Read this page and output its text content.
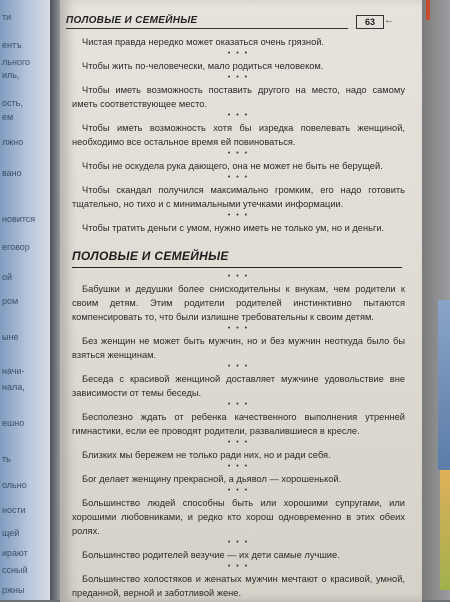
ти
ентъ
льного
иль,
ость,
ем
лжно
вано
новится
еговор
ой
ром
ыне
начи-
нала,
ешно
ть
ольно
ности
щей
ирают
ссный
ржны
ПОЛОВЫЕ И СЕМЕЙНЫЕ	63 ←

Чистая правда нередко может оказаться очень грязной.

• • •

Чтобы жить по-человечески, мало родиться человеком.

• • •

Чтобы иметь возможность поставить другого на место, надо самому иметь соответствующее место.

• • •

Чтобы иметь возможность хотя бы изредка повелевать женщиной, необходимо все остальное время ей повиноваться.

• • •

Чтобы не оскудела рука дающего, она не может не быть не берущей.

• • •

Чтобы скандал получился максимально громким, его надо готовить тщательно, но тихо и с минимальными утечками информации.

• • •

Чтобы тратить деньги с умом, нужно иметь не только ум, но и деньги.

ПОЛОВЫЕ И СЕМЕЙНЫЕ
• • •

Бабушки и дедушки более снисходительны к внукам, чем родители к своим детям. Этим родители родителей инстинктивно пытаются компенсировать то, что были излишне требовательны к своим детям.

• • •

Без женщин не может быть мужчин, но и без мужчин неоткуда было бы взяться женщинам.

• • •

Беседа с красивой женщиной доставляет мужчине удовольствие вне зависимости от темы беседы.

• • •

Бесполезно ждать от ребенка качественного выполнения утренней гимнастики, если ее проводят родители, развалившиеся в кресле.

• • •

Близких мы бережем не только ради них, но и ради себя.

• • •

Бог делает женщину прекрасной, а дьявол — хорошенькой.

• • •

Большинство людей способны быть или хорошими супругами, или хорошими любовниками, и редко кто хорош одновременно в этих обеих ролях.

• • •

Большинство родителей везучие — их дети самые лучшие.

• • •

Большинство холостяков и женатых мужчин мечтают о красивой, умной, преданной, верной и заботливой жене.
